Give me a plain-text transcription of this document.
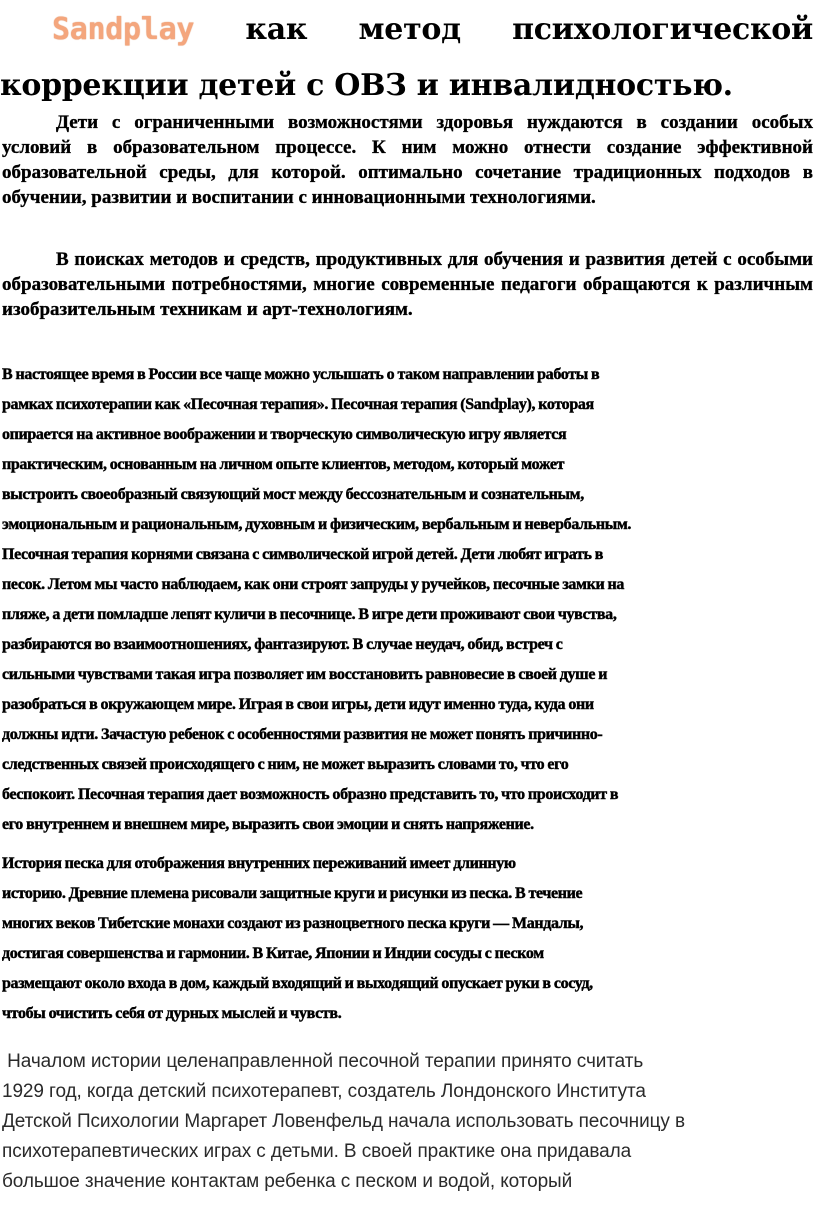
Sandplay как метод психологической
коррекции детей с ОВЗ и инвалидностью.

Дети с ограниченными возможностями здоровья нуждаются в создании особых условий в образовательном процессе. К ним можно отнести создание эффективной образовательной среды, для которой. оптимально сочетание традиционных подходов в обучении, развитии и воспитании с инновационными технологиями.

В поисках методов и средств, продуктивных для обучения и развития детей с особыми образовательными потребностями, многие современные педагоги обращаются к различным изобразительным техникам и арт-технологиям.

В настоящее время в России все чаще можно услышать о таком направлении работы в
рамках психотерапии как «Песочная терапия». Песочная терапия (Sandplay), которая
опирается на активное воображении и творческую символическую игру является
практическим, основанным на личном опыте клиентов, методом, который может
выстроить своеобразный связующий мост между бессознательным и сознательным,
эмоциональным и рациональным, духовным и физическим, вербальным и невербальным.
Песочная терапия корнями связана с символической игрой детей. Дети любят играть в
песок. Летом мы часто наблюдаем, как они строят запруды у ручейков, песочные замки на
пляже, а дети помладше лепят куличи в песочнице. В игре дети проживают свои чувства,
разбираются во взаимоотношениях, фантазируют. В случае неудач, обид, встреч с
сильными чувствами такая игра позволяет им восстановить равновесие в своей душе и
разобраться в окружающем мире. Играя в свои игры, дети идут именно туда, куда они
должны идти. Зачастую ребенок с особенностями развития не может понять причинно-
следственных связей происходящего с ним, не может выразить словами то, что его
беспокоит. Песочная терапия дает возможность образно представить то, что происходит в
его внутреннем и внешнем мире, выразить свои эмоции и снять напряжение.

История песка для отображения внутренних переживаний имеет длинную
историю. Древние племена рисовали защитные круги и рисунки из песка. В течение
многих веков Тибетские монахи создают из разноцветного песка круги — Мандалы,
достигая совершенства и гармонии. В Китае, Японии и Индии сосуды с песком
размещают около входа в дом, каждый входящий и выходящий опускает руки в сосуд,
чтобы очистить себя от дурных мыслей и чувств.

Началом истории целенаправленной песочной терапии принято считать
1929 год, когда детский психотерапевт, создатель Лондонского Института
Детской Психологии Маргарет Ловенфельд начала использовать песочницу в
психотерапевтических играх с детьми. В своей практике она придавала
большое значение контактам ребенка с песком и водой, который
